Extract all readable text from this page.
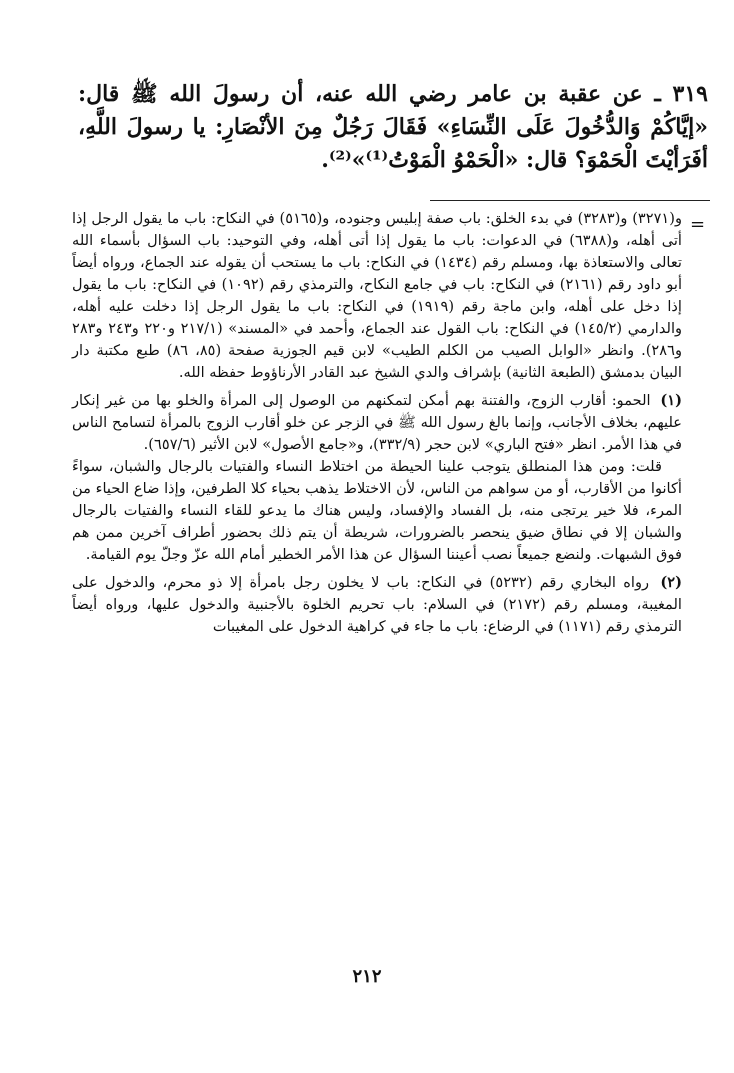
٣١٩ ـ عن عقبة بن عامر رضي الله عنه، أن رسولَ الله ﷺ قال: «إيَّاكُمْ وَالدُّخُولَ عَلَى النِّسَاءِ» فَقَالَ رَجُلٌ مِنَ الأنْصَارِ: يا رسولَ اللَّهِ، أفَرَأيْتَ الْحَمْوَ؟ قال: «الْحَمْوُ الْمَوْتُ⁽¹⁾»⁽²⁾.

=

و(٣٢٧١) و(٣٢٨٣) في بدء الخلق: باب صفة إبليس وجنوده، و(٥١٦٥) في النكاح: باب ما يقول الرجل إذا أتى أهله، و(٦٣٨٨) في الدعوات: باب ما يقول إذا أتى أهله، وفي التوحيد: باب السؤال بأسماء الله تعالى والاستعاذة بها، ومسلم رقم (١٤٣٤) في النكاح: باب ما يستحب أن يقوله عند الجماع، ورواه أيضاً أبو داود رقم (٢١٦١) في النكاح: باب في جامع النكاح، والترمذي رقم (١٠٩٢) في النكاح: باب ما يقول إذا دخل على أهله، وابن ماجة رقم (١٩١٩) في النكاح: باب ما يقول الرجل إذا دخلت عليه أهله، والدارمي (١٤٥/٢) في النكاح: باب القول عند الجماع، وأحمد في «المسند» (٢١٧/١ و٢٢٠ و٢٤٣ و٢٨٣ و٢٨٦). وانظر «الوابل الصيب من الكلم الطيب» لابن قيم الجوزية صفحة (٨٥، ٨٦) طبع مكتبة دار البيان بدمشق (الطبعة الثانية) بإشراف والدي الشيخ عبد القادر الأرناؤوط حفظه الله.

(١) الحمو: أقارب الزوج، والفتنة بهم أمكن لتمكنهم من الوصول إلى المرأة والخلو بها من غير إنكار عليهم، بخلاف الأجانب، وإنما بالغ رسول الله ﷺ في الزجر عن خلو أقارب الزوج بالمرأة لتسامح الناس في هذا الأمر. انظر «فتح الباري» لابن حجر (٣٣٢/٩)، و«جامع الأصول» لابن الأثير (٦٥٧/٦).

قلت: ومن هذا المنطلق يتوجب علينا الحيطة من اختلاط النساء والفتيات بالرجال والشبان، سواءً أكانوا من الأقارب، أو من سواهم من الناس، لأن الاختلاط يذهب بحياء كلا الطرفين، وإذا ضاع الحياء من المرء، فلا خير يرتجى منه، بل الفساد والإفساد، وليس هناك ما يدعو للقاء النساء والفتيات بالرجال والشبان إلا في نطاق ضيق ينحصر بالضرورات، شريطة أن يتم ذلك بحضور أطراف آخرين ممن هم فوق الشبهات. ولنضع جميعاً نصب أعيننا السؤال عن هذا الأمر الخطير أمام الله عزّ وجلّ يوم القيامة.

(٢) رواه البخاري رقم (٥٢٣٢) في النكاح: باب لا يخلون رجل بامرأة إلا ذو محرم، والدخول على المغيبة، ومسلم رقم (٢١٧٢) في السلام: باب تحريم الخلوة بالأجنبية والدخول عليها، ورواه أيضاً الترمذي رقم (١١٧١) في الرضاع: باب ما جاء في كراهية الدخول على المغيبات

٢١٢
